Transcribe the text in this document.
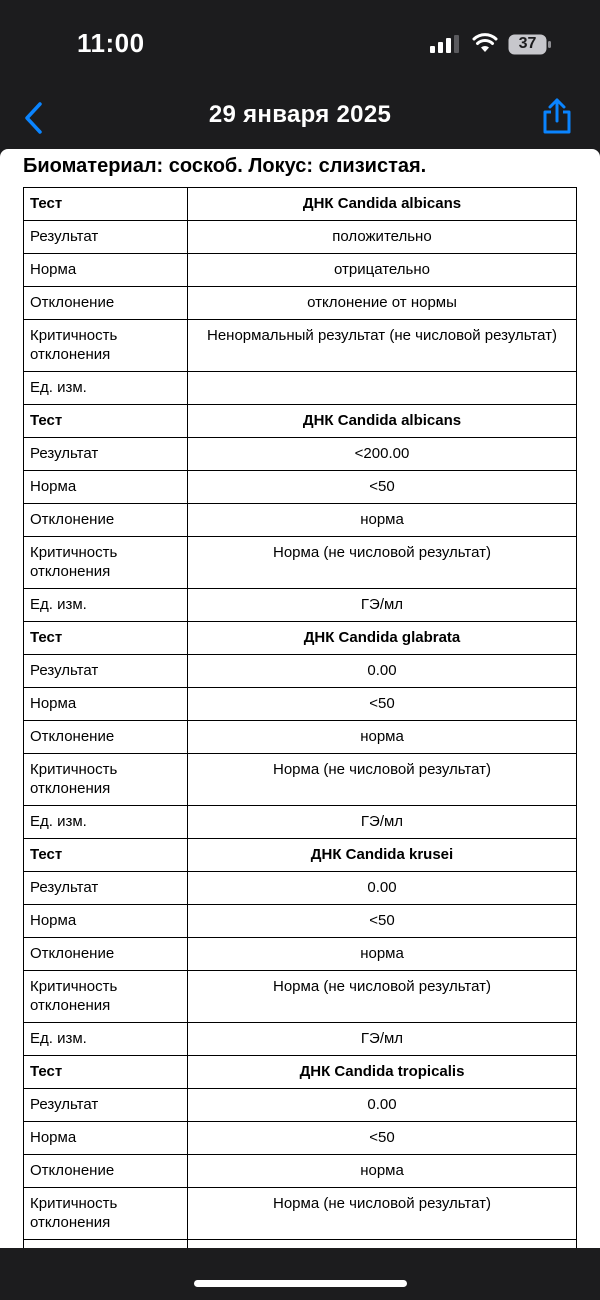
11:00	37
29 января 2025
Биоматериал: соскоб. Локус: слизистая.
Тест	ДНК Candida albicans
Результат	положительно
Норма	отрицательно
Отклонение	отклонение от нормы
Критичность отклонения	Ненормальный результат (не числовой результат)
Ед. изм.	
Тест	ДНК Candida albicans
Результат	<200.00
Норма	<50
Отклонение	норма
Критичность отклонения	Норма (не числовой результат)
Ед. изм.	ГЭ/мл
Тест	ДНК Candida glabrata
Результат	0.00
Норма	<50
Отклонение	норма
Критичность отклонения	Норма (не числовой результат)
Ед. изм.	ГЭ/мл
Тест	ДНК Candida krusei
Результат	0.00
Норма	<50
Отклонение	норма
Критичность отклонения	Норма (не числовой результат)
Ед. изм.	ГЭ/мл
Тест	ДНК Candida tropicalis
Результат	0.00
Норма	<50
Отклонение	норма
Критичность отклонения	Норма (не числовой результат)
